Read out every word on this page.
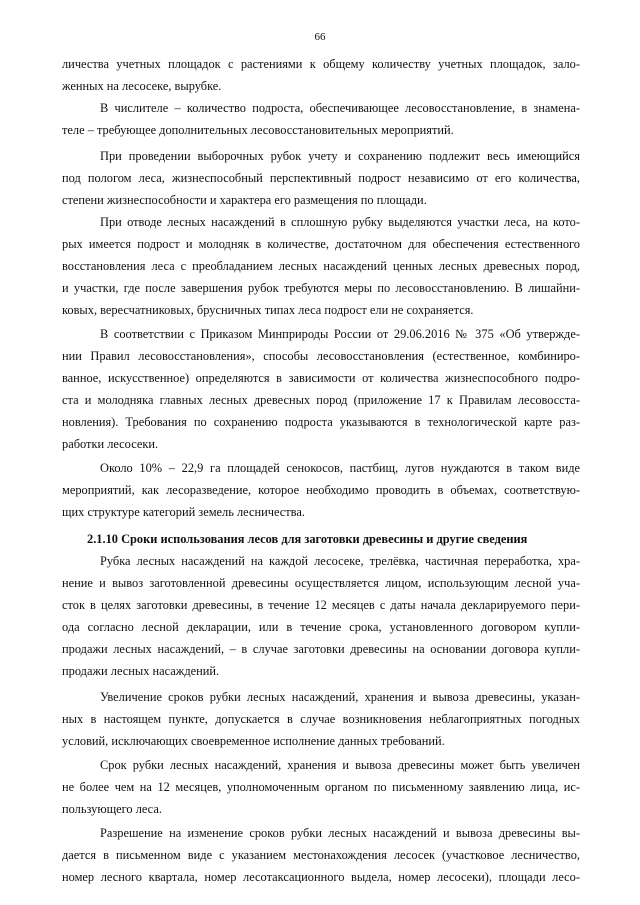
66
личества учетных площадок с растениями к общему количеству учетных площадок, зало-
женных на лесосеке, вырубке.
В числителе – количество подроста, обеспечивающее лесовосстановление, в знамена-
теле – требующее дополнительных лесовосстановительных мероприятий.
При проведении выборочных рубок учету и сохранению подлежит весь имеющийся
под пологом леса, жизнеспособный перспективный подрост независимо от его количества,
степени жизнеспособности и характера его размещения по площади.
При отводе лесных насаждений в сплошную рубку выделяются участки леса, на кото-
рых имеется подрост и молодняк в количестве, достаточном для обеспечения естественного
восстановления леса с преобладанием лесных насаждений ценных лесных древесных пород,
и участки, где после завершения рубок требуются меры по лесовосстановлению. В лишайни-
ковых, вересчатниковых, брусничных типах леса подрост ели не сохраняется.
В соответствии с Приказом Минприроды России от 29.06.2016 № 375 «Об утвержде-
нии Правил лесовосстановления», способы лесовосстановления (естественное, комбиниро-
ванное, искусственное) определяются в зависимости от количества жизнеспособного подро-
ста и молодняка главных лесных древесных пород (приложение 17 к Правилам лесовосста-
новления). Требования по сохранению подроста указываются в технологической карте раз-
работки лесосеки.
Около 10% – 22,9 га площадей сенокосов, пастбищ, лугов нуждаются в таком виде
мероприятий, как лесоразведение, которое необходимо проводить в объемах, соответствую-
щих структуре категорий земель лесничества.
2.1.10 Сроки использования лесов для заготовки древесины и другие сведения
Рубка лесных насаждений на каждой лесосеке, трелёвка, частичная переработка, хра-
нение и вывоз заготовленной древесины осуществляется лицом, использующим лесной уча-
сток в целях заготовки древесины, в течение 12 месяцев с даты начала декларируемого пери-
ода согласно лесной декларации, или в течение срока, установленного договором купли-
продажи лесных насаждений, – в случае заготовки древесины на основании договора купли-
продажи лесных насаждений.
Увеличение сроков рубки лесных насаждений, хранения и вывоза древесины, указан-
ных в настоящем пункте, допускается в случае возникновения неблагоприятных погодных
условий, исключающих своевременное исполнение данных требований.
Срок рубки лесных насаждений, хранения и вывоза древесины может быть увеличен
не более чем на 12 месяцев, уполномоченным органом по письменному заявлению лица, ис-
пользующего леса.
Разрешение на изменение сроков рубки лесных насаждений и вывоза древесины вы-
дается в письменном виде с указанием местонахождения лесосек (участковое лесничество,
номер лесного квартала, номер лесотаксационного выдела, номер лесосеки), площади лесо-
